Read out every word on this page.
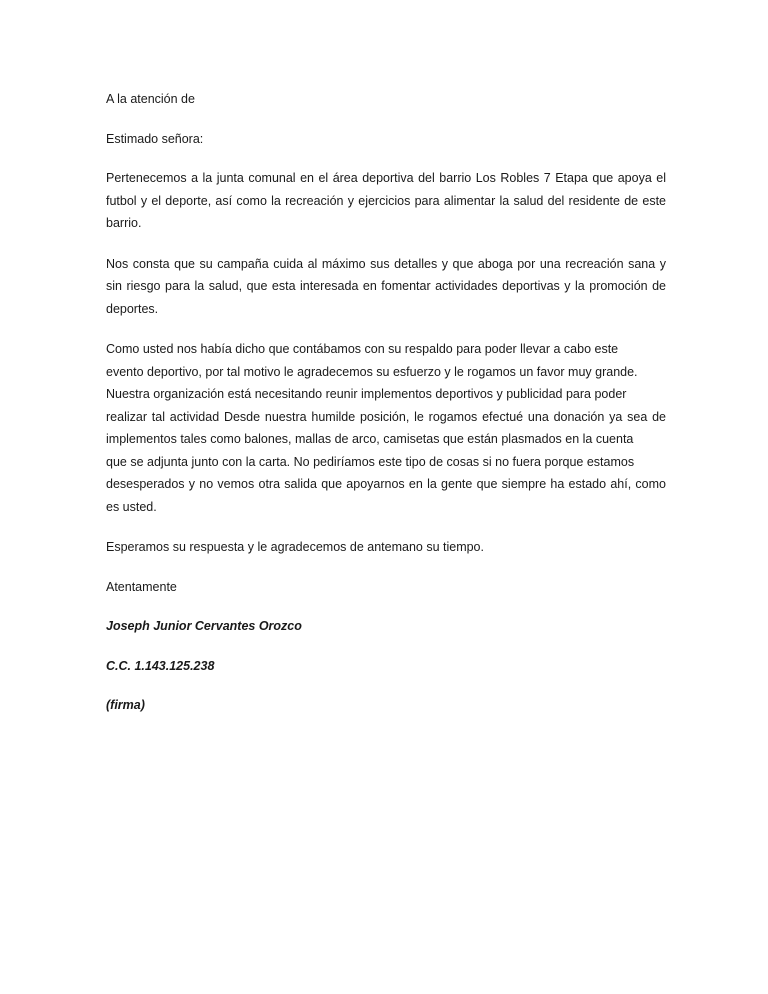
A la atención de
Estimado señora:
Pertenecemos a la junta comunal en el área deportiva del barrio Los Robles 7 Etapa que apoya el
futbol y el deporte, así como la recreación y ejercicios para alimentar la salud del residente de este
barrio.
Nos consta que su campaña cuida al máximo sus detalles y que aboga por una recreación sana y
sin riesgo para la salud, que esta interesada en fomentar actividades deportivas y la promoción de
deportes.
Como usted nos había dicho que contábamos con su respaldo para poder llevar a cabo este
evento deportivo, por tal motivo le agradecemos su esfuerzo y le rogamos un favor muy grande.
Nuestra organización está necesitando reunir implementos deportivos y publicidad para poder
realizar tal actividad Desde nuestra humilde posición, le rogamos efectué una donación ya sea de
implementos tales como balones, mallas de arco, camisetas que están plasmados en la cuenta
que se adjunta junto con la carta. No pediríamos este tipo de cosas si no fuera porque estamos
desesperados y no vemos otra salida que apoyarnos en la gente que siempre ha estado ahí, como
es usted.
Esperamos su respuesta y le agradecemos de antemano su tiempo.
Atentamente
Joseph Junior Cervantes Orozco
C.C. 1.143.125.238
(firma)
